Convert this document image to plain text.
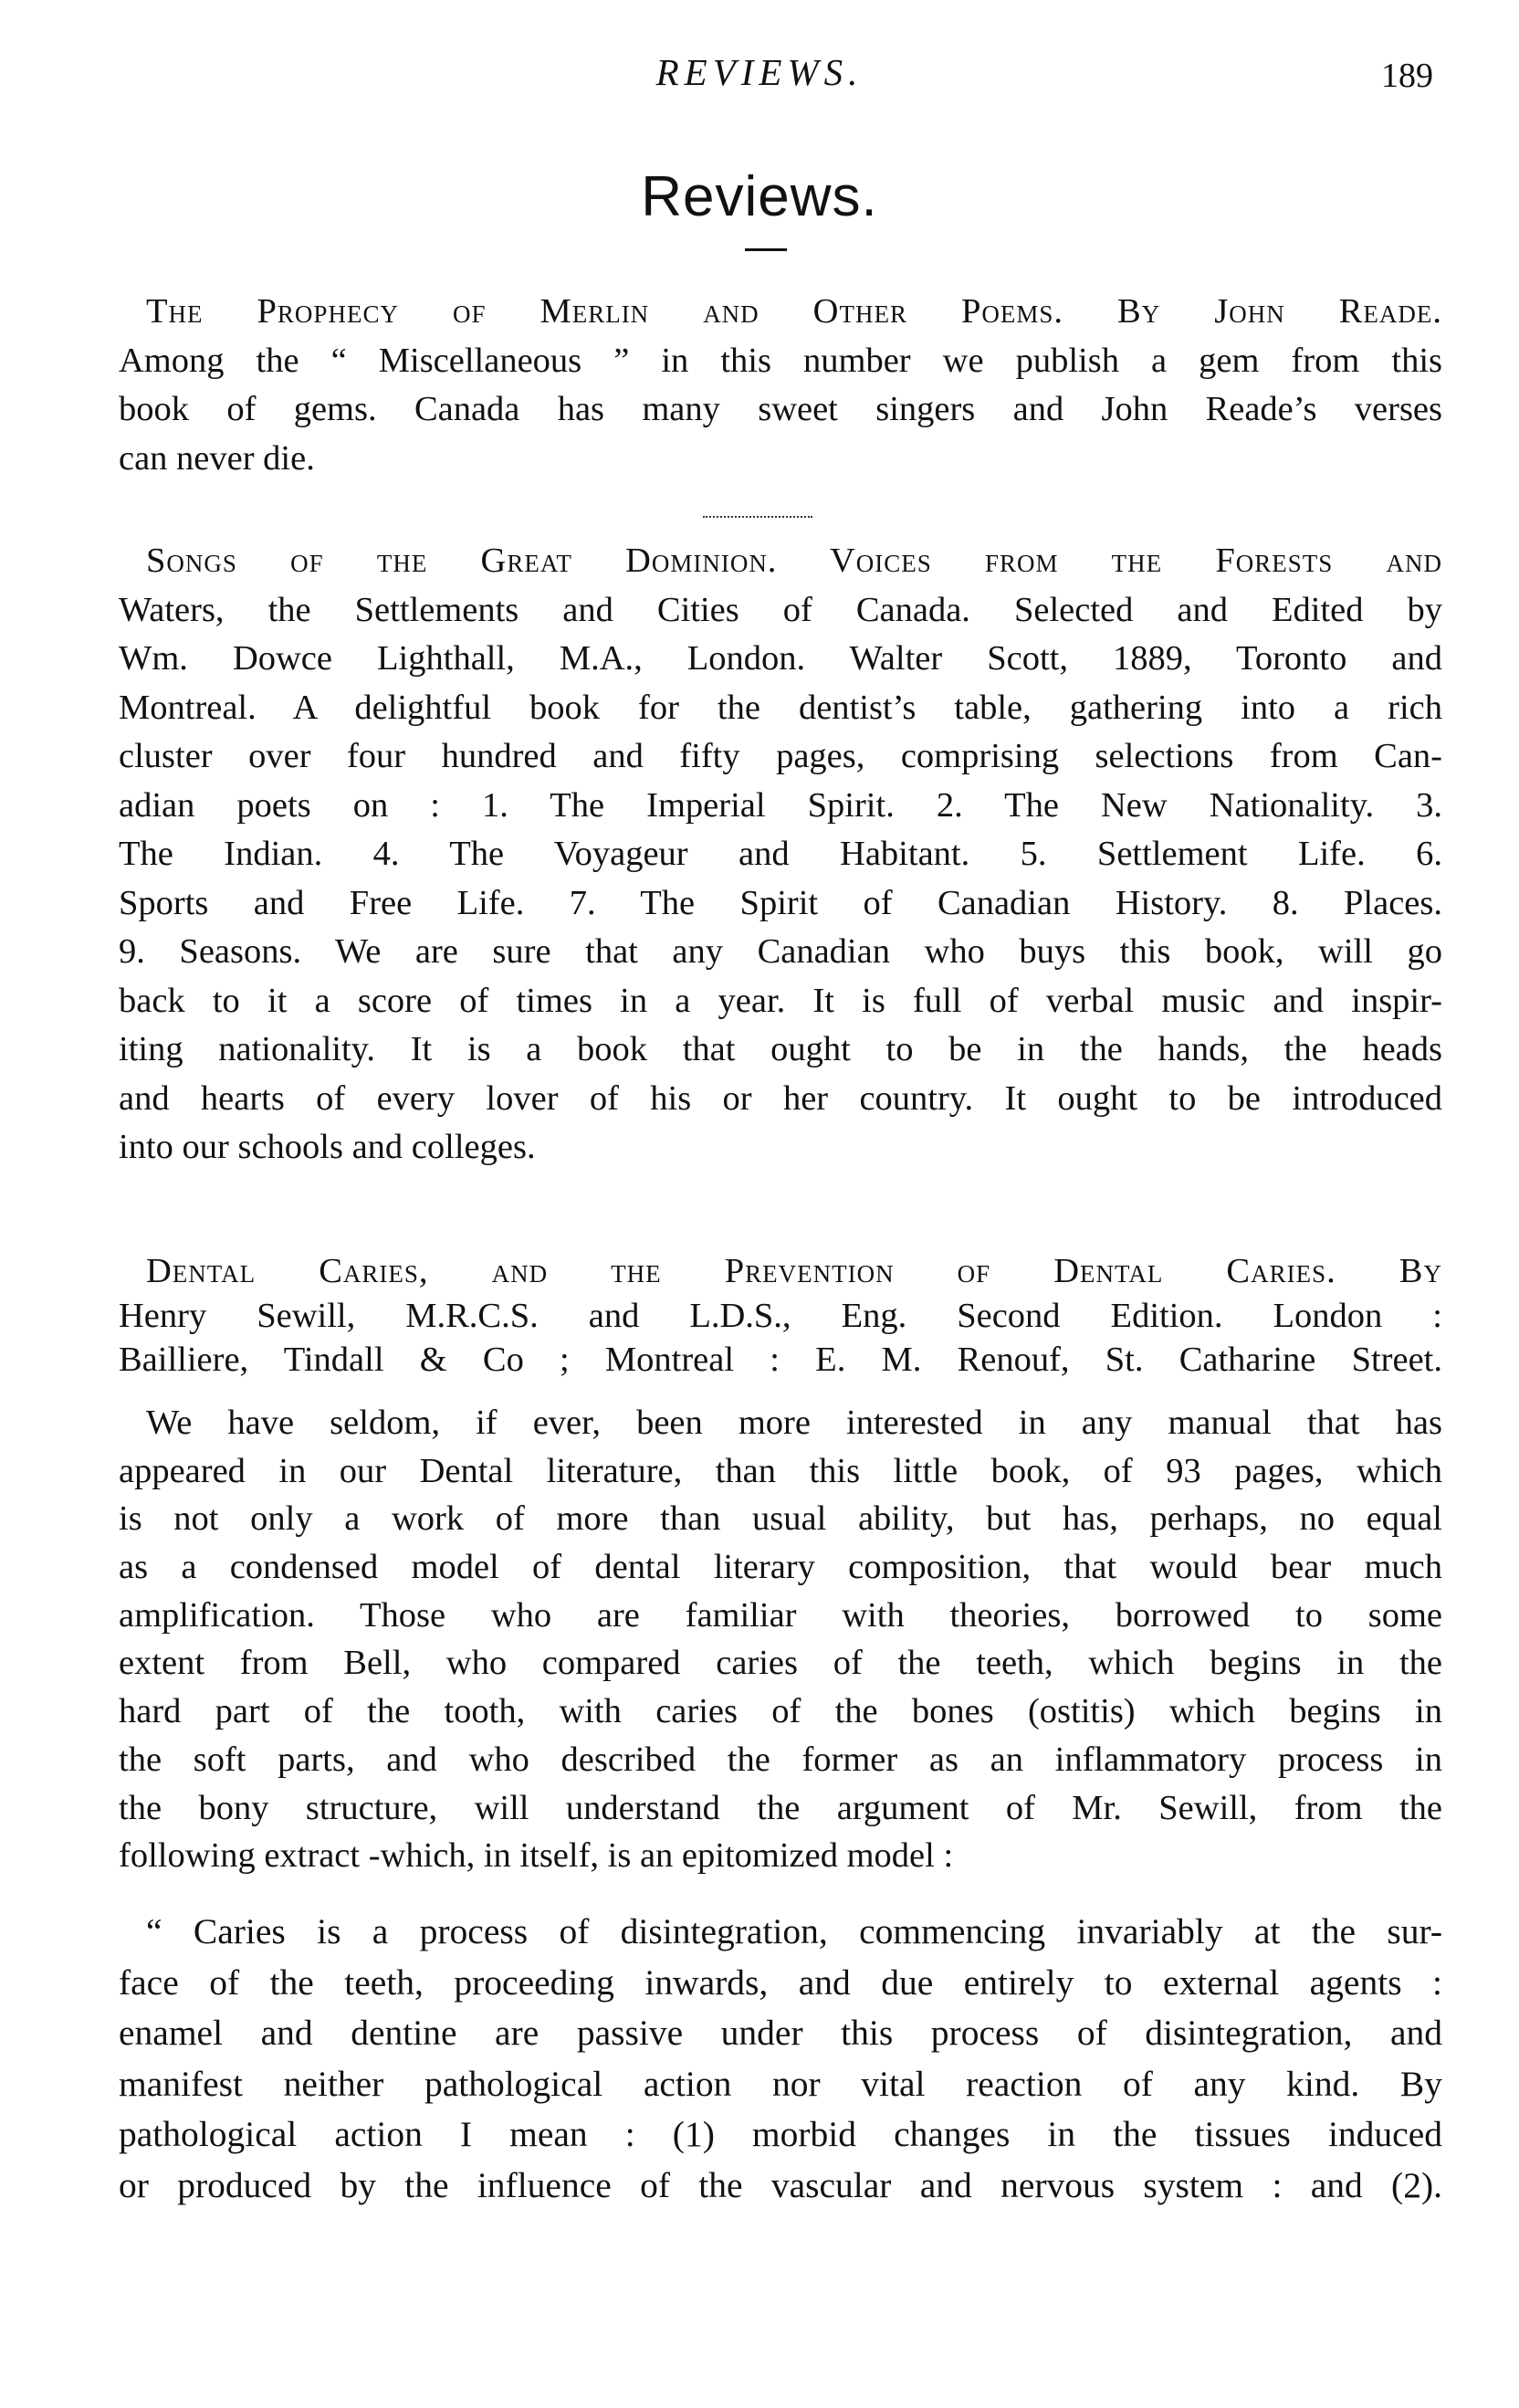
REVIEWS.	189
Reviews.
The Prophecy of Merlin and Other Poems. By John Reade.
Among the “ Miscellaneous ” in this number we publish a gem from this
book of gems. Canada has many sweet singers and John Reade’s verses
can never die.
Songs of the Great Dominion. Voices from the Forests and
Waters, the Settlements and Cities of Canada. Selected and Edited by
Wm. Dowce Lighthall, M.A., London. Walter Scott, 1889, Toronto and
Montreal. A delightful book for the dentist’s table, gathering into a rich
cluster over four hundred and fifty pages, comprising selections from Can-
adian poets on : 1. The Imperial Spirit. 2. The New Nationality. 3.
The Indian. 4. The Voyageur and Habitant. 5. Settlement Life. 6.
Sports and Free Life. 7. The Spirit of Canadian History. 8. Places.
9. Seasons. We are sure that any Canadian who buys this book, will go
back to it a score of times in a year. It is full of verbal music and inspir-
iting nationality. It is a book that ought to be in the hands, the heads
and hearts of every lover of his or her country. It ought to be introduced
into our schools and colleges.
Dental Caries, and the Prevention of Dental Caries. By
Henry Sewill, M.R.C.S. and L.D.S., Eng. Second Edition. London :
Bailliere, Tindall & Co ; Montreal : E. M. Renouf, St. Catharine Street.
We have seldom, if ever, been more interested in any manual that has
appeared in our Dental literature, than this little book, of 93 pages, which
is not only a work of more than usual ability, but has, perhaps, no equal
as a condensed model of dental literary composition, that would bear much
amplification. Those who are familiar with theories, borrowed to some
extent from Bell, who compared caries of the teeth, which begins in the
hard part of the tooth, with caries of the bones (ostitis) which begins in
the soft parts, and who described the former as an inflammatory process in
the bony structure, will understand the argument of Mr. Sewill, from the
following extract -which, in itself, is an epitomized model :
“ Caries is a process of disintegration, commencing invariably at the sur-
face of the teeth, proceeding inwards, and due entirely to external agents :
enamel and dentine are passive under this process of disintegration, and
manifest neither pathological action nor vital reaction of any kind. By
pathological action I mean : (1) morbid changes in the tissues induced
or produced by the influence of the vascular and nervous system : and (2).
